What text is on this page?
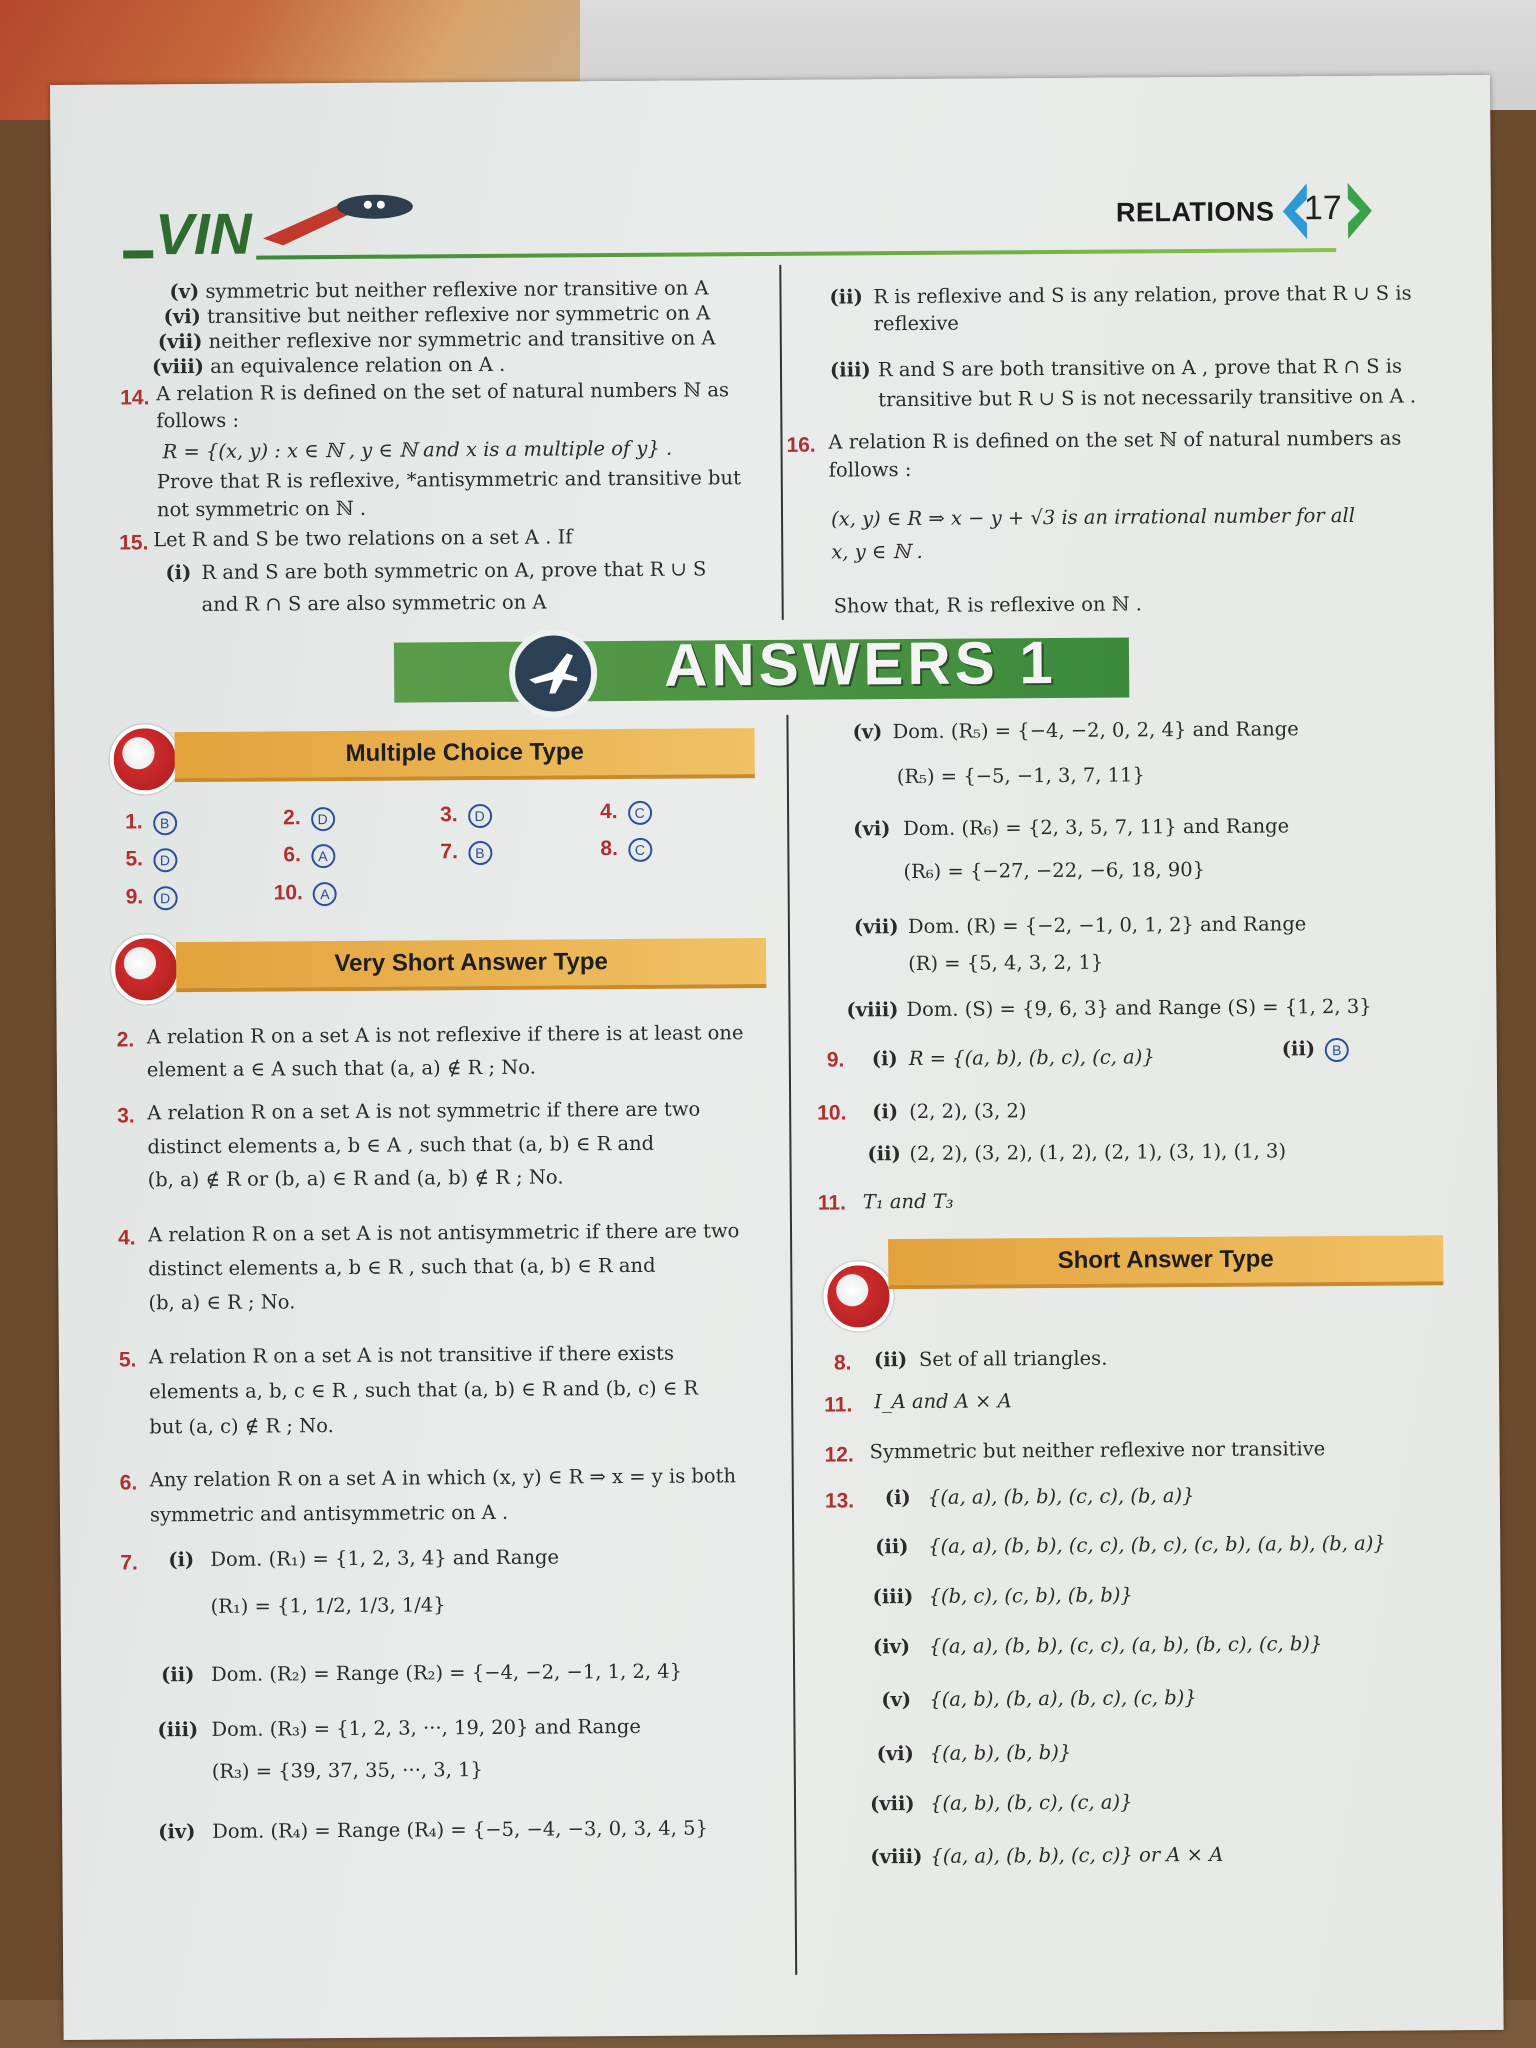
VIN	RELATIONS 17
(v) symmetric but neither reflexive nor transitive on A
(vi) transitive but neither reflexive nor symmetric on A
(vii) neither reflexive nor symmetric and transitive on A
(viii) an equivalence relation on A .
14. A relation R is defined on the set of natural numbers ℕ as
follows :
R = {(x, y) : x ∈ ℕ , y ∈ ℕ and x is a multiple of y} .
Prove that R is reflexive, *antisymmetric and transitive but
not symmetric on ℕ .
15. Let R and S be two relations on a set A . If
(i) R and S are both symmetric on A, prove that R ∪ S
and R ∩ S are also symmetric on A
(ii) R is reflexive and S is any relation, prove that R ∪ S is
reflexive
(iii) R and S are both transitive on A , prove that R ∩ S is
transitive but R ∪ S is not necessarily transitive on A .
16. A relation R is defined on the set ℕ of natural numbers as
follows :
(x, y) ∈ R ⇒ x − y + √3 is an irrational number for all
x, y ∈ ℕ .
Show that, R is reflexive on ℕ .
ANSWERS 1
Multiple Choice Type
1. B	2. D	3. D	4. C
5. D	6. A	7. B	8. C
9. D	10. A
Very Short Answer Type
2. A relation R on a set A is not reflexive if there is at least one
element a ∈ A such that (a, a) ∉ R ; No.
3. A relation R on a set A is not symmetric if there are two
distinct elements a, b ∈ A , such that (a, b) ∈ R and
(b, a) ∉ R or (b, a) ∈ R and (a, b) ∉ R ; No.
4. A relation R on a set A is not antisymmetric if there are two
distinct elements a, b ∈ R , such that (a, b) ∈ R and
(b, a) ∈ R ; No.
5. A relation R on a set A is not transitive if there exists
elements a, b, c ∈ R , such that (a, b) ∈ R and (b, c) ∈ R
but (a, c) ∉ R ; No.
6. Any relation R on a set A in which (x, y) ∈ R ⇒ x = y is both
symmetric and antisymmetric on A .
7. (i) Dom. (R₁) = {1, 2, 3, 4} and Range
(R₁) = {1, 1/2, 1/3, 1/4}
(ii) Dom. (R₂) = Range (R₂) = {−4, −2, −1, 1, 2, 4}
(iii) Dom. (R₃) = {1, 2, 3, ···, 19, 20} and Range
(R₃) = {39, 37, 35, ···, 3, 1}
(iv) Dom. (R₄) = Range (R₄) = {−5, −4, −3, 0, 3, 4, 5}
(v) Dom. (R₅) = {−4, −2, 0, 2, 4} and Range
(R₅) = {−5, −1, 3, 7, 11}
(vi) Dom. (R₆) = {2, 3, 5, 7, 11} and Range
(R₆) = {−27, −22, −6, 18, 90}
(vii) Dom. (R) = {−2, −1, 0, 1, 2} and Range
(R) = {5, 4, 3, 2, 1}
(viii) Dom. (S) = {9, 6, 3} and Range (S) = {1, 2, 3}
9. (i) R = {(a, b), (b, c), (c, a)}	(ii)	B
10. (i) (2, 2), (3, 2)
(ii) (2, 2), (3, 2), (1, 2), (2, 1), (3, 1), (1, 3)
11. T₁ and T₃
Short Answer Type
8. (ii) Set of all triangles.
11. I_A and A × A
12. Symmetric but neither reflexive nor transitive
13. (i) {(a, a), (b, b), (c, c), (b, a)}
(ii) {(a, a), (b, b), (c, c), (b, c), (c, b), (a, b), (b, a)}
(iii) {(b, c), (c, b), (b, b)}
(iv) {(a, a), (b, b), (c, c), (a, b), (b, c), (c, b)}
(v) {(a, b), (b, a), (b, c), (c, b)}
(vi) {(a, b), (b, b)}
(vii) {(a, b), (b, c), (c, a)}
(viii) {(a, a), (b, b), (c, c)} or A × A
